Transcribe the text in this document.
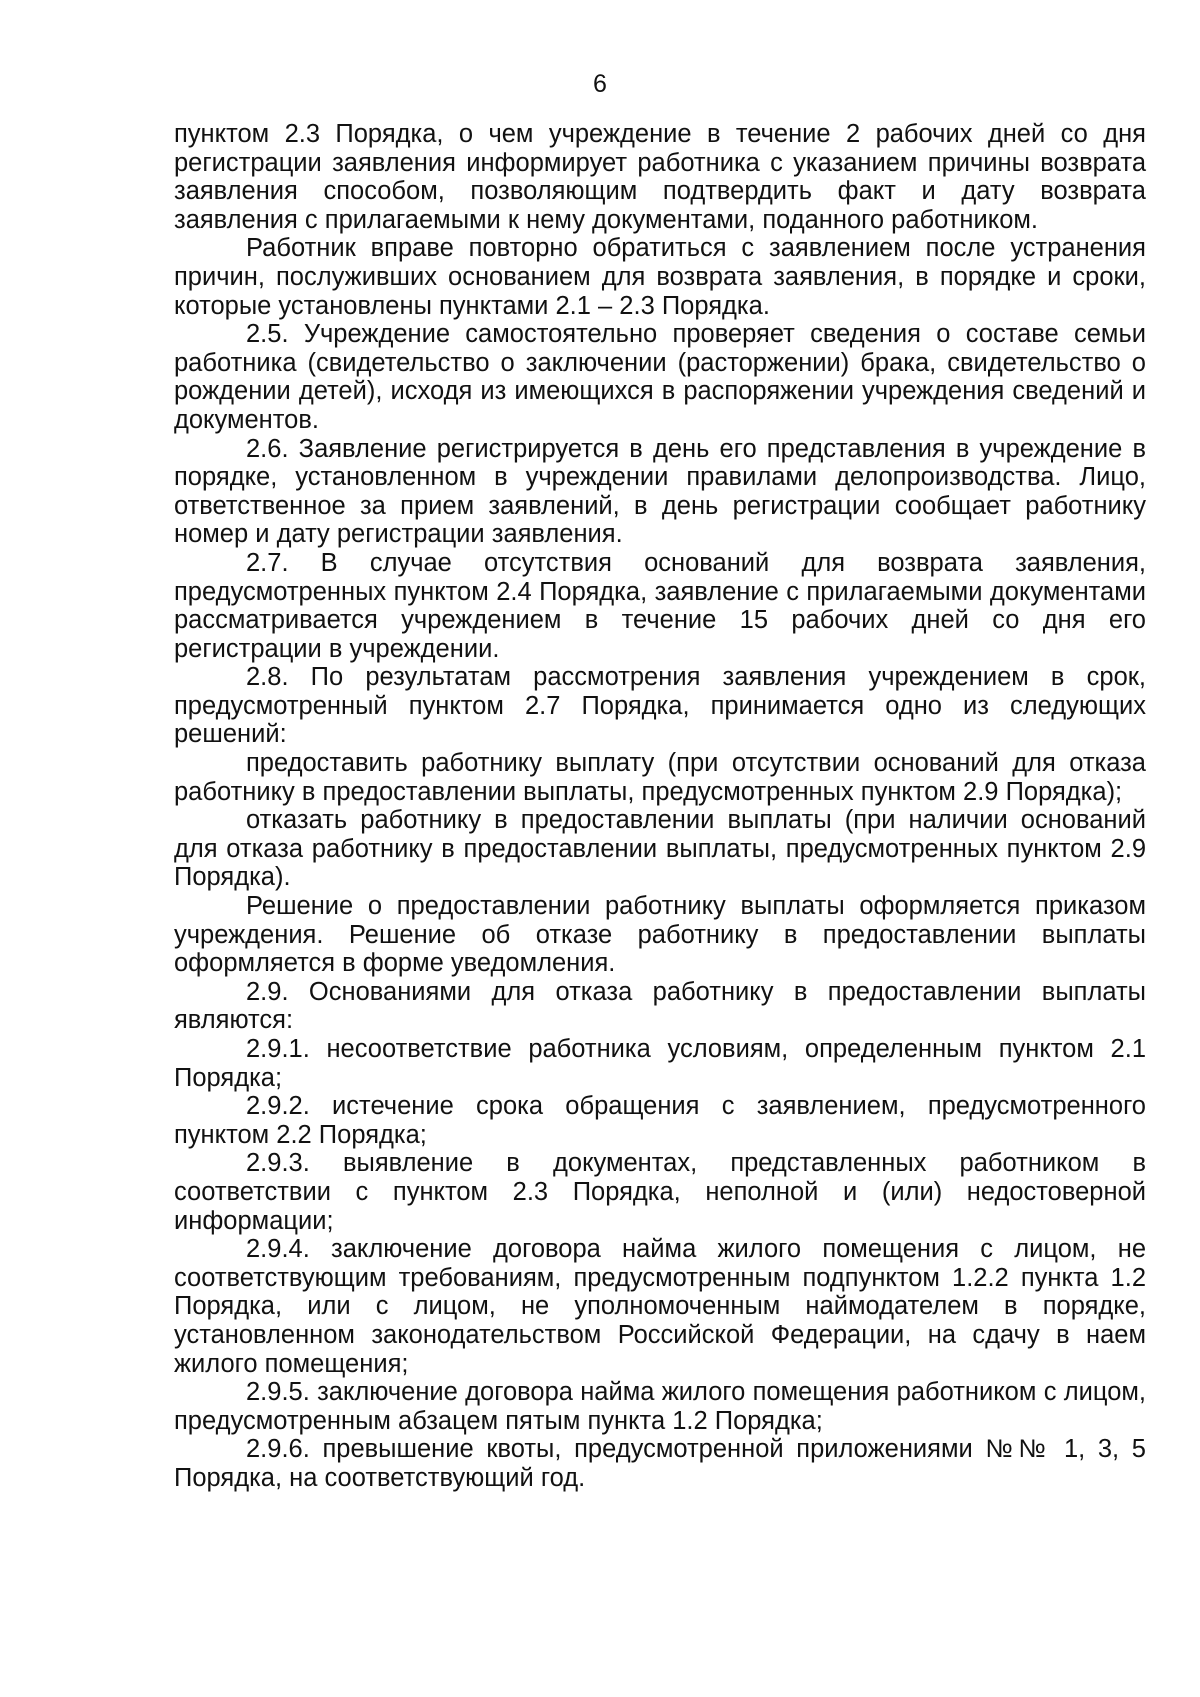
6

пунктом 2.3 Порядка, о чем учреждение в течение 2 рабочих дней со дня регистрации заявления информирует работника с указанием причины возврата заявления способом, позволяющим подтвердить факт и дату возврата заявления с прилагаемыми к нему документами, поданного работником.

Работник вправе повторно обратиться с заявлением после устранения причин, послуживших основанием для возврата заявления, в порядке и сроки, которые установлены пунктами 2.1 – 2.3 Порядка.

2.5. Учреждение самостоятельно проверяет сведения о составе семьи работника (свидетельство о заключении (расторжении) брака, свидетельство о рождении детей), исходя из имеющихся в распоряжении учреждения сведений и документов.

2.6. Заявление регистрируется в день его представления в учреждение в порядке, установленном в учреждении правилами делопроизводства. Лицо, ответственное за прием заявлений, в день регистрации сообщает работнику номер и дату регистрации заявления.

2.7. В случае отсутствия оснований для возврата заявления, предусмотренных пунктом 2.4 Порядка, заявление с прилагаемыми документами рассматривается учреждением в течение 15 рабочих дней со дня его регистрации в учреждении.

2.8. По результатам рассмотрения заявления учреждением в срок, предусмотренный пунктом 2.7 Порядка, принимается одно из следующих решений:

предоставить работнику выплату (при отсутствии оснований для отказа работнику в предоставлении выплаты, предусмотренных пунктом 2.9 Порядка);

отказать работнику в предоставлении выплаты (при наличии оснований для отказа работнику в предоставлении выплаты, предусмотренных пунктом 2.9 Порядка).

Решение о предоставлении работнику выплаты оформляется приказом учреждения. Решение об отказе работнику в предоставлении выплаты оформляется в форме уведомления.

2.9. Основаниями для отказа работнику в предоставлении выплаты являются:

2.9.1. несоответствие работника условиям, определенным пунктом 2.1 Порядка;

2.9.2. истечение срока обращения с заявлением, предусмотренного пунктом 2.2 Порядка;

2.9.3. выявление в документах, представленных работником в соответствии с пунктом 2.3 Порядка, неполной и (или) недостоверной информации;

2.9.4. заключение договора найма жилого помещения с лицом, не соответствующим требованиям, предусмотренным подпунктом 1.2.2 пункта 1.2 Порядка, или с лицом, не уполномоченным наймодателем в порядке, установленном законодательством Российской Федерации, на сдачу в наем жилого помещения;

2.9.5. заключение договора найма жилого помещения работником с лицом, предусмотренным абзацем пятым пункта 1.2 Порядка;

2.9.6. превышение квоты, предусмотренной приложениями №№ 1, 3, 5 Порядка, на соответствующий год.
